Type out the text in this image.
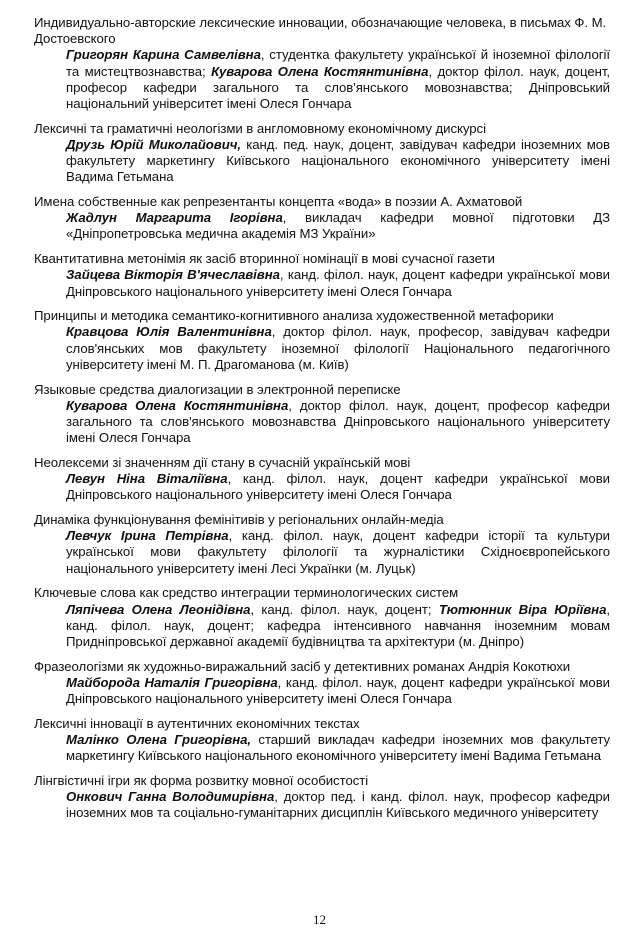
Индивидуально-авторские лексические инновации, обозначающие человека, в письмах Ф. М. Достоевского
Григорян Карина Самвелівна, студентка факультету української й іноземної філології та мистецтвознавства; Куварова Олена Костянтинівна, доктор філол. наук, доцент, професор кафедри загального та слов'янського мовознавства; Дніпровський національний університет імені Олеся Гончара
Лексичні та граматичні неологізми в англомовному економічному дискурсі
Друзь Юрій Миколайович, канд. пед. наук, доцент, завідувач кафедри іноземних мов факультету маркетингу Київського національного економічного університету імені Вадима Гетьмана
Имена собственные как репрезентанты концепта «вода» в поэзии А. Ахматовой
Жадлун Маргарита Ігорівна, викладач кафедри мовної підготовки ДЗ «Дніпропетровська медична академія МЗ України»
Квантитативна метонімія як засіб вторинної номінації в мові сучасної газети
Зайцева Вікторія В'ячеславівна, канд. філол. наук, доцент кафедри української мови Дніпровського національного університету імені Олеся Гончара
Принципы и методика семантико-когнитивного анализа художественной метафорики
Кравцова Юлія Валентинівна, доктор філол. наук, професор, завідувач кафедри слов'янських мов факультету іноземної філології Національного педагогічного університету імені М. П. Драгоманова (м. Київ)
Языковые средства диалогизации в электронной переписке
Куварова Олена Костянтинівна, доктор філол. наук, доцент, професор кафедри загального та слов'янського мовознавства Дніпровського національного університету імені Олеся Гончара
Неолексеми зі значенням дії стану в сучасній українській мові
Левун Ніна Віталіївна, канд. філол. наук, доцент кафедри української мови Дніпровського національного університету імені Олеся Гончара
Динаміка функціонування фемінітивів у регіональних онлайн-медіа
Левчук Ірина Петрівна, канд. філол. наук, доцент кафедри історії та культури української мови факультету філології та журналістики Східноєвропейського національного університету імені Лесі Українки (м. Луцьк)
Ключевые слова как средство интеграции терминологических систем
Ляпічева Олена Леонідівна, канд. філол. наук, доцент; Тютюнник Віра Юріївна, канд. філол. наук, доцент; кафедра інтенсивного навчання іноземним мовам Придніпровської державної академії будівництва та архітектури (м. Дніпро)
Фразеологізми як художньо-виражальний засіб у детективних романах Андрія Кокотюхи
Майборода Наталія Григорівна, канд. філол. наук, доцент кафедри української мови Дніпровського національного університету імені Олеся Гончара
Лексичні інновації в аутентичних економічних текстах
Малінко Олена Григорівна, старший викладач кафедри іноземних мов факультету маркетингу Київського національного економічного університету імені Вадима Гетьмана
Лінгвістичні ігри як форма розвитку мовної особистості
Онкович Ганна Володимирівна, доктор пед. і канд. філол. наук, професор кафедри іноземних мов та соціально-гуманітарних дисциплін Київського медичного університету
12
